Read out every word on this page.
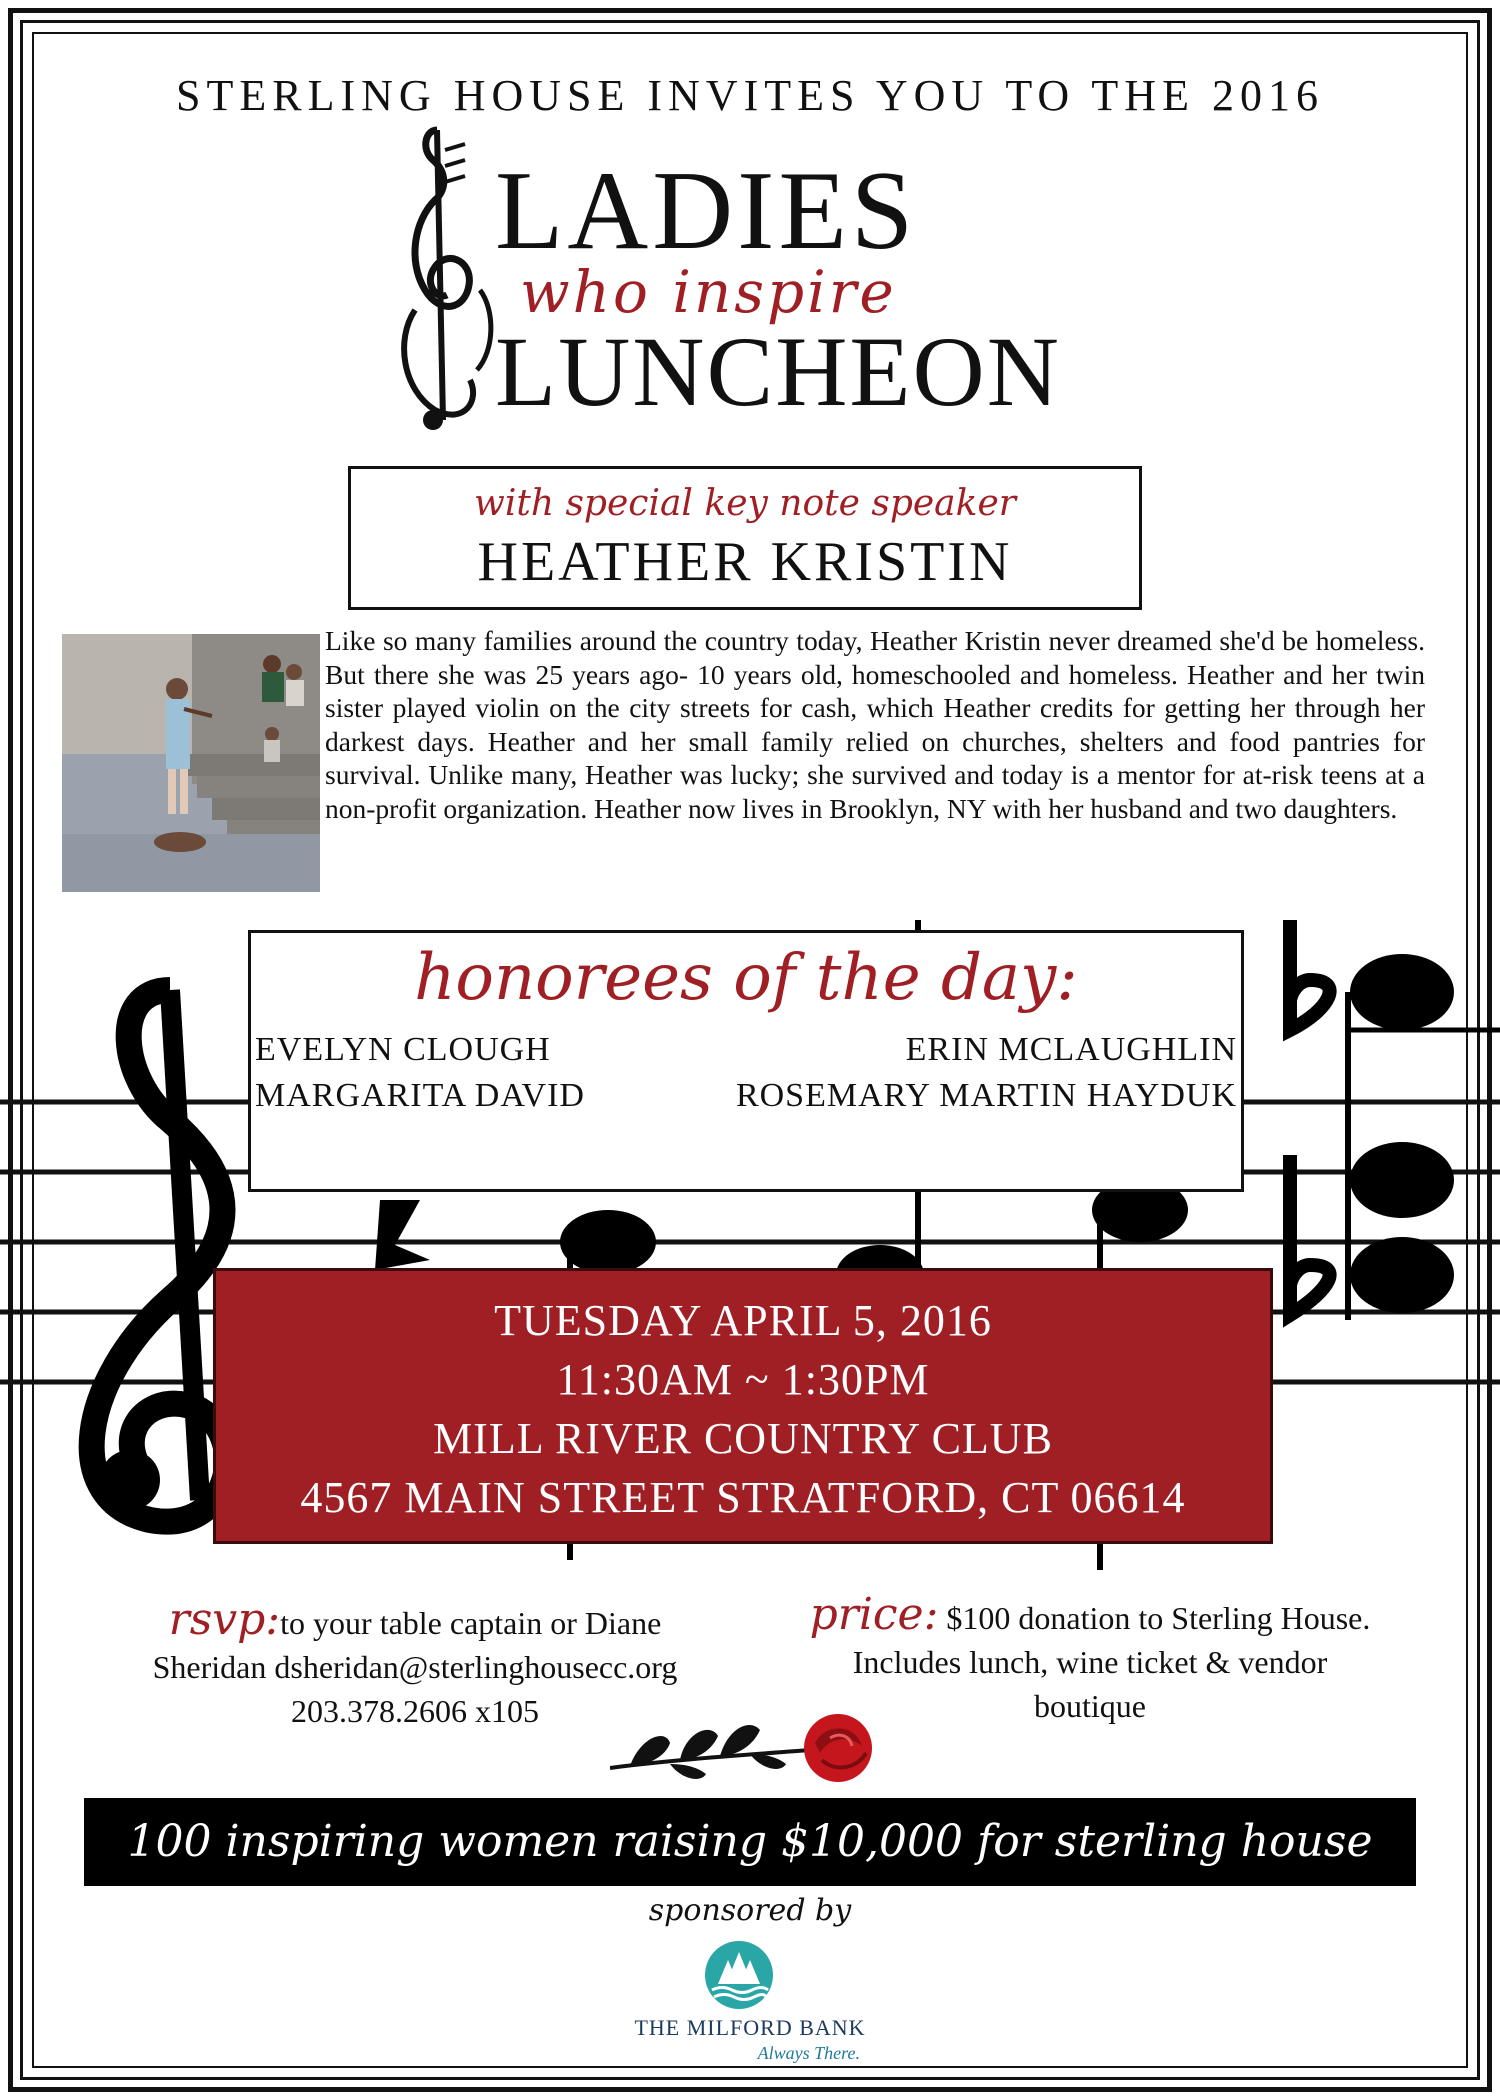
STERLING HOUSE INVITES YOU TO THE 2016
LADIES
who inspire
LUNCHEON
with special key note speaker
HEATHER KRISTIN
Like so many families around the country today, Heather Kristin never dreamed she'd be homeless. But there she was 25 years ago- 10 years old, homeschooled and homeless. Heather and her twin sister played violin on the city streets for cash, which Heather credits for getting her through her darkest days. Heather and her small family relied on churches, shelters and food pantries for survival. Unlike many, Heather was lucky; she survived and today is a mentor for at-risk teens at a non-profit organization. Heather now lives in Brooklyn, NY with her husband and two daughters.
honorees of the day:
EVELYN CLOUGH	ERIN MCLAUGHLIN
MARGARITA DAVID	ROSEMARY MARTIN HAYDUK
TUESDAY APRIL 5, 2016
11:30AM ~ 1:30PM
MILL RIVER COUNTRY CLUB
4567 MAIN STREET STRATFORD, CT 06614
rsvp:to your table captain or Diane
Sheridan dsheridan@sterlinghousecc.org
203.378.2606 x105
price: $100 donation to Sterling House.
Includes lunch, wine ticket & vendor
boutique
100 inspiring women raising $10,000 for sterling house
sponsored by
THE MILFORD BANK
Always There.
